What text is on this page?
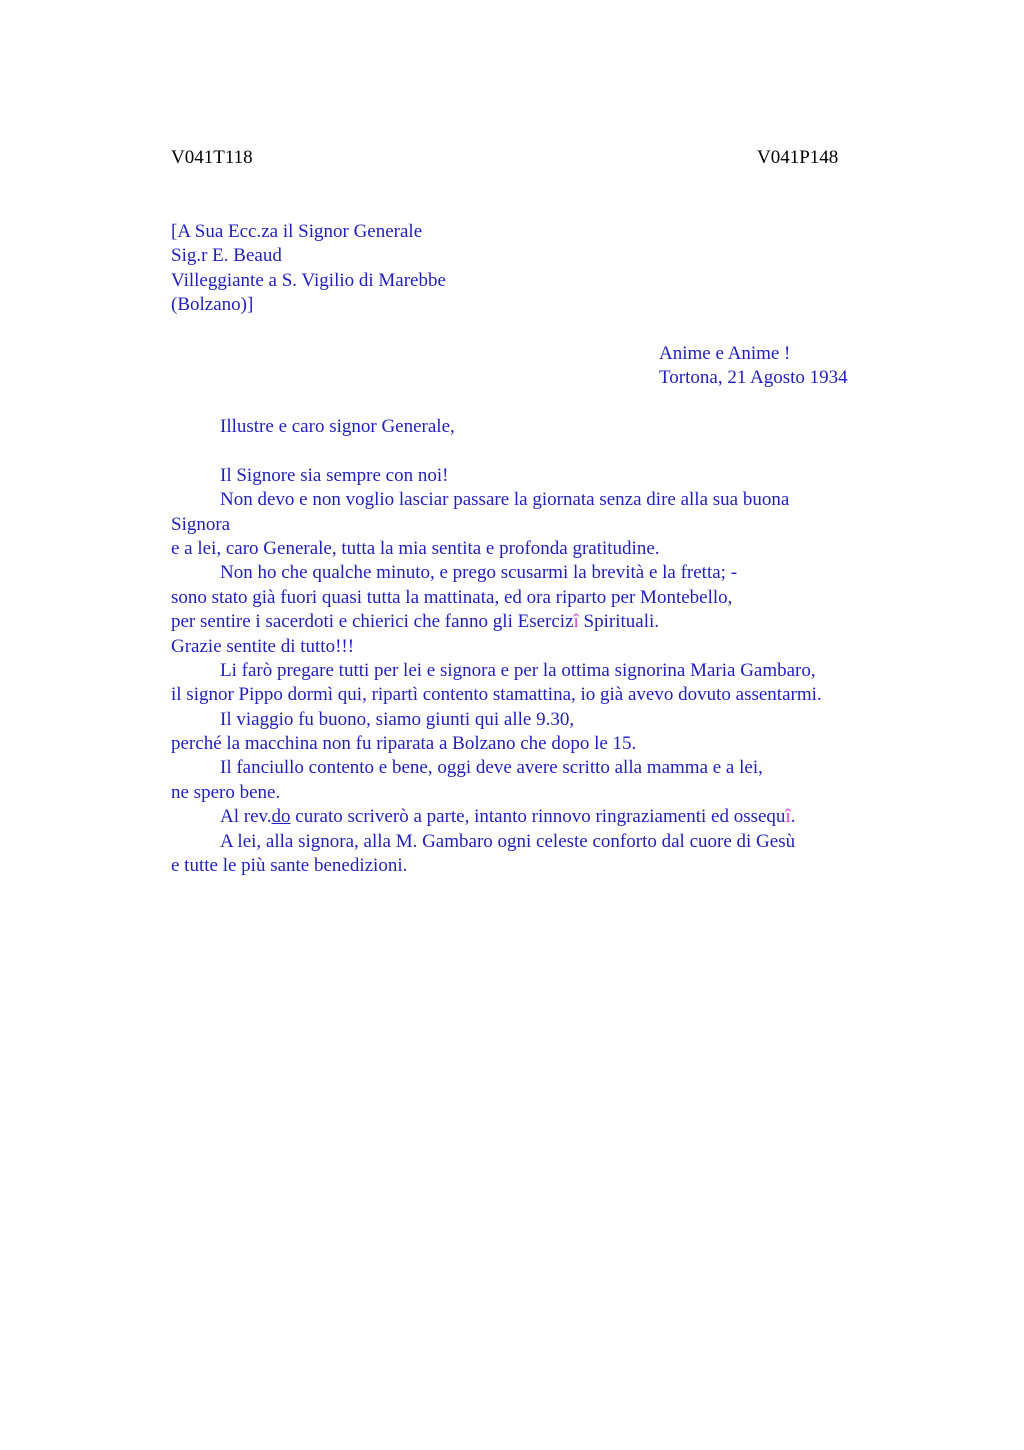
V041T118	V041P148
[A Sua Ecc.za il Signor Generale
Sig.r E. Beaud
Villeggiante a S. Vigilio di Marebbe
(Bolzano)]
Anime e Anime !
Tortona, 21 Agosto 1934
Illustre e caro signor Generale,
Il Signore sia sempre con noi!
Non devo e non voglio lasciar passare la giornata senza dire alla sua buona
Signora
e a lei, caro Generale, tutta la mia sentita e profonda gratitudine.
Non ho che qualche minuto, e prego scusarmi la brevità e la fretta; -
sono stato già fuori quasi tutta la mattinata, ed ora riparto per Montebello,
per sentire i sacerdoti e chierici che fanno gli Esercizî Spirituali.
Grazie sentite di tutto!!!
Li farò pregare tutti per lei e signora e per la ottima signorina Maria Gambaro,
il signor Pippo dormì qui, ripartì contento stamattina, io già avevo dovuto assentarmi.
Il viaggio fu buono, siamo giunti qui alle 9.30,
perché la macchina non fu riparata a Bolzano che dopo le 15.
Il fanciullo contento e bene, oggi deve avere scritto alla mamma e a lei,
ne spero bene.
Al rev.do curato scriverò a parte, intanto rinnovo ringraziamenti ed ossequî.
A lei, alla signora, alla M. Gambaro ogni celeste conforto dal cuore di Gesù
e tutte le più sante benedizioni.
